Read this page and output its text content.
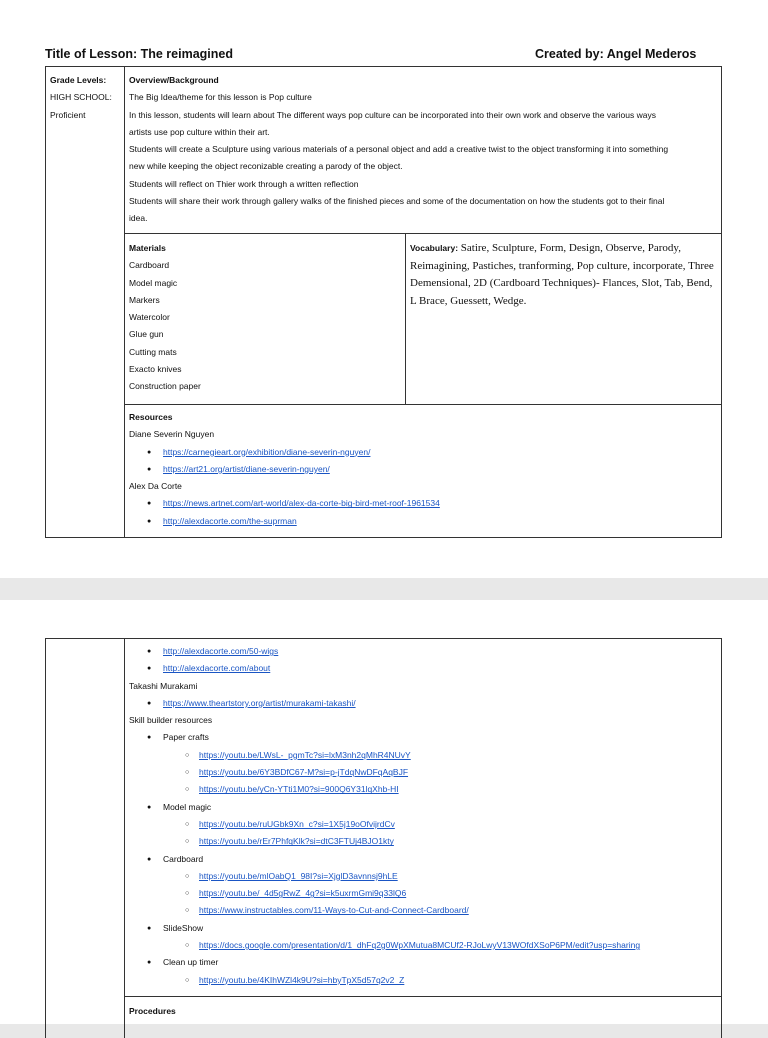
Title of Lesson: The reimagined	Created by: Angel Mederos
Grade Levels:
HIGH SCHOOL:
Proficient
Overview/Background
The Big Idea/theme for this lesson is Pop culture
In this lesson, students will learn about The different ways pop culture can be incorporated into their own work and observe the various ways
artists use pop culture within their art.
Students will create a Sculpture using various materials of a personal object and add a creative twist to the object transforming it into something
new while keeping the object reconizable creating a parody of the object.
Students will reflect on Thier work through a written reflection
Students will share their work through gallery walks of the finished pieces and some of the documentation on how the students got to their final
idea.
Materials
Cardboard
Model magic
Markers
Watercolor
Glue gun
Cutting mats
Exacto knives
Construction paper
Vocabulary: Satire, Sculpture, Form, Design, Observe, Parody, Reimagining, Pastiches, tranforming, Pop culture, incorporate, Three Demensional, 2D (Cardboard Techniques)- Flances, Slot, Tab, Bend, L Brace, Guessett, Wedge.
Resources
Diane Severin Nguyen
● https://carnegieart.org/exhibition/diane-severin-nguyen/
● https://art21.org/artist/diane-severin-nguyen/
Alex Da Corte
● https://news.artnet.com/art-world/alex-da-corte-big-bird-met-roof-1961534
● http://alexdacorte.com/the-suprman
● http://alexdacorte.com/50-wigs
● http://alexdacorte.com/about
Takashi Murakami
● https://www.theartstory.org/artist/murakami-takashi/
Skill builder resources
● Paper crafts
○ https://youtu.be/LWsL-_pgmTc?si=lxM3nh2qMhR4NUvY
○ https://youtu.be/6Y3BDfC67-M?si=p-jTdqNwDFqAqBJF
○ https://youtu.be/yCn-YTti1M0?si=900Q6Y31lqXhb-HI
● Model magic
○ https://youtu.be/ruUGbk9Xn_c?si=1X5j19oOfvijrdCv
○ https://youtu.be/rEr7PhfqKlk?si=dtC3FTUj4BJO1kty
● Cardboard
○ https://youtu.be/mlOabQ1_98I?si=XjglD3avnnsj9hLE
○ https://youtu.be/_4d5gRwZ_4g?si=k5uxrmGmi9q33lQ6
○ https://www.instructables.com/11-Ways-to-Cut-and-Connect-Cardboard/
● SlideShow
○ https://docs.google.com/presentation/d/1_dhFq2g0WpXMutua8MCUf2-RJoLwyV13WOfdXSoP6PM/edit?usp=sharing
● Clean up timer
○ https://youtu.be/4KIhWZl4k9U?si=hbyTpX5d57q2v2_Z
Procedures
